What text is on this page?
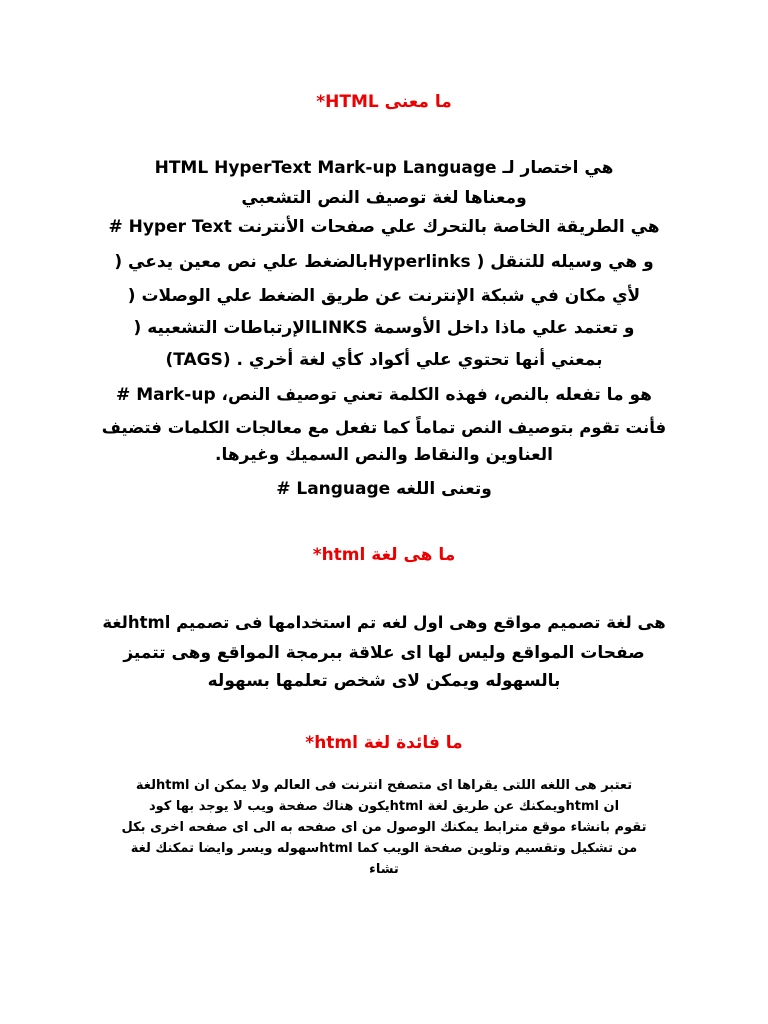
ما معنى HTML*
هي اختصار لـ HTML HyperText Mark-up Language
ومعناها لغة توصيف النص التشعبي
هي الطريقة الخاصة بالتحرك علي صفحات الأنترنت Hyper Text #
و هي وسيله للتنقل ( Hyperlinksبالضغط علي نص معين يدعي (
لأي مكان في شبكة الإنترنت عن طريق الضغط علي الوصلات (
و تعتمد علي ماذا داخل الأوسمة LINKSالإرتباطات التشعبيه (
بمعني أنها تحتوي علي أكواد كأي لغة أخري . (TAGS)
هو ما تفعله بالنص، فهذه الكلمة تعني توصيف النص، Mark-up #
فأنت تقوم بتوصيف النص تماماً كما تفعل مع معالجات الكلمات فتضيف
العناوين والنقاط والنص السميك وغيرها.
وتعنى اللغه Language #
ما هى لغة html*
هى لغة تصميم مواقع وهى اول لغه تم استخدامها فى تصميم htmlلغة
صفحات المواقع وليس لها اى علاقة ببرمجة المواقع وهى تتميز
بالسهوله ويمكن لاى شخص تعلمها بسهوله
ما فائدة لغة html*
تعتبر هى اللغه اللتى يقراها اى متصفح انترنت فى العالم ولا يمكن ان htmlلغة
ان htmlويمكنك عن طريق لغة htmlيكون هناك صفحة ويب لا يوجد بها كود
تقوم بانشاء موقع مترابط يمكنك الوصول من اى صفحه به الى اى صفحه اخرى بكل
من تشكيل وتقسيم وتلوين صفحة الويب كما htmlسهوله ويسر وايضا تمكنك لغة
تشاء
